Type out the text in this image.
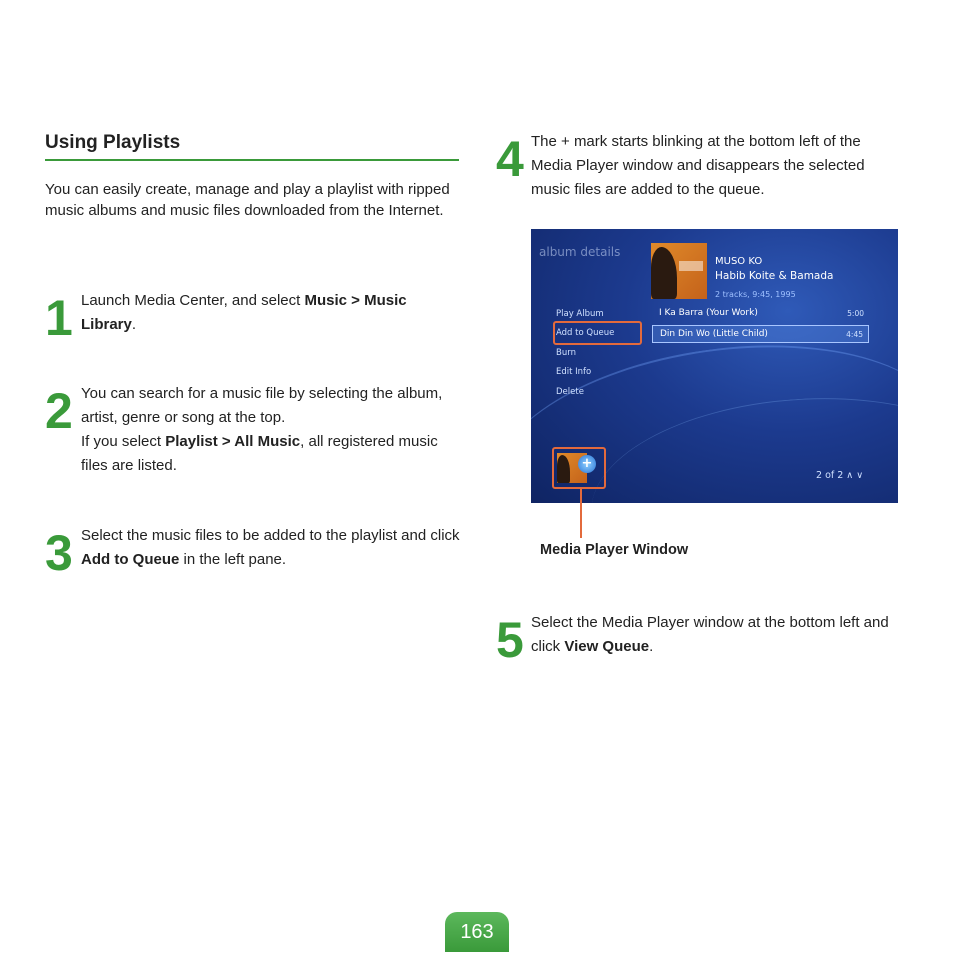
Using Playlists
You can easily create, manage and play a playlist with ripped music albums and music files downloaded from the Internet.
1 Launch Media Center, and select Music > Music Library.
2 You can search for a music file by selecting the album, artist, genre or song at the top.
If you select Playlist > All Music, all registered music files are listed.
3 Select the music files to be added to the playlist and click Add to Queue in the left pane.
4 The + mark starts blinking at the bottom left of the Media Player window and disappears the selected music files are added to the queue.
album details
MUSO KO
Habib Koite & Bamada
2 tracks, 9:45, 1995
Play Album
Add to Queue
Burn
Edit Info
Delete
I Ka Barra (Your Work)	5:00
Din Din Wo (Little Child)	4:45
+
2 of 2 ∧ ∨
Media Player Window
5 Select the Media Player window at the bottom left and click View Queue.
163
